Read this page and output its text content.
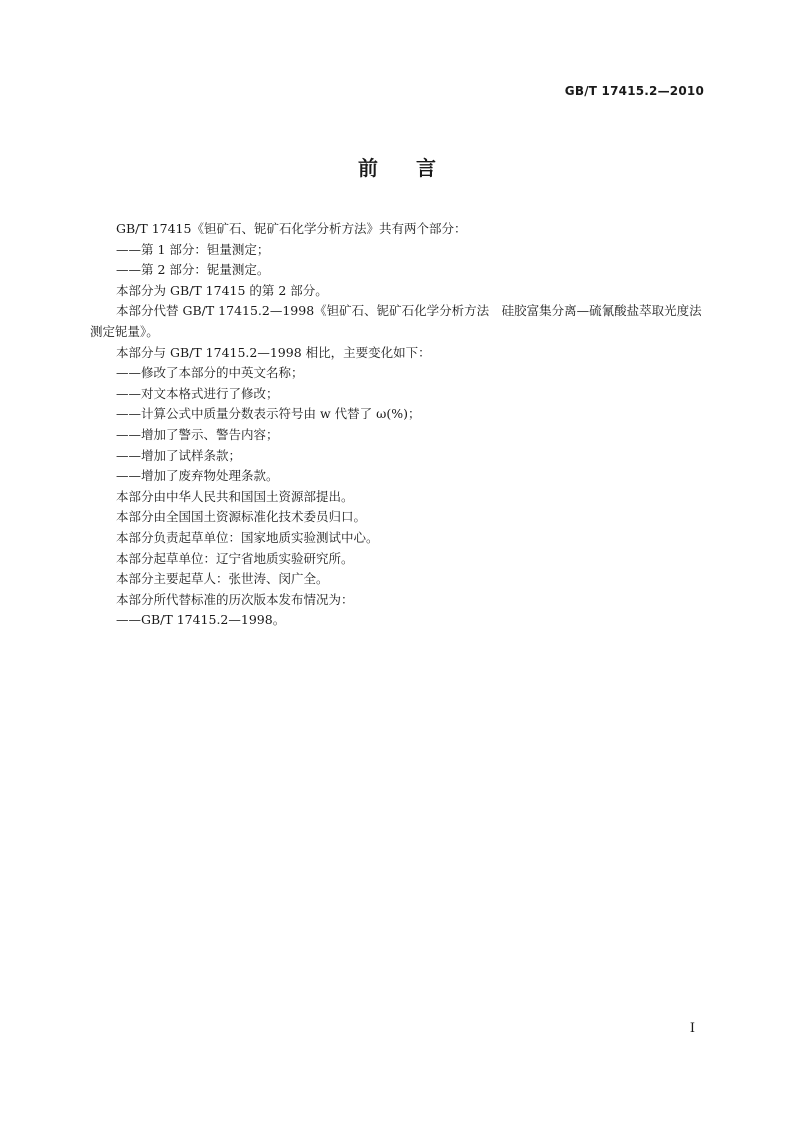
GB/T 17415.2—2010
前言

GB/T 17415《钽矿石、铌矿石化学分析方法》共有两个部分：

——第 1 部分：钽量测定；

——第 2 部分：铌量测定。

本部分为 GB/T 17415 的第 2 部分。

本部分代替 GB/T 17415.2—1998《钽矿石、铌矿石化学分析方法　硅胶富集分离—硫氰酸盐萃取光度法测定铌量》。

本部分与 GB/T 17415.2—1998 相比，主要变化如下：

——修改了本部分的中英文名称；

——对文本格式进行了修改；

——计算公式中质量分数表示符号由 w 代替了 ω(%)；

——增加了警示、警告内容；

——增加了试样条款；

——增加了废弃物处理条款。

本部分由中华人民共和国国土资源部提出。

本部分由全国国土资源标准化技术委员归口。

本部分负责起草单位：国家地质实验测试中心。

本部分起草单位：辽宁省地质实验研究所。

本部分主要起草人：张世涛、闵广全。

本部分所代替标准的历次版本发布情况为：

——GB/T 17415.2—1998。

I
